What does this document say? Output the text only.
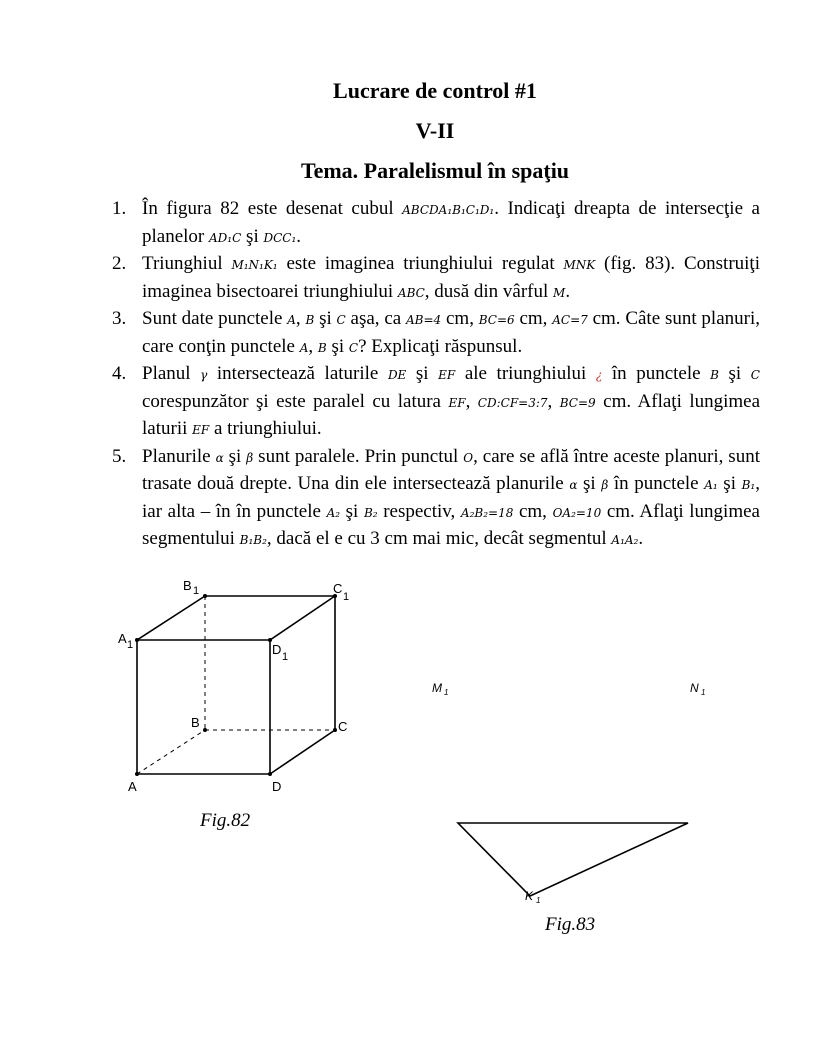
Lucrare de control #1
V-II
Tema. Paralelismul în spaţiu
1. În figura 82 este desenat cubul ABCDA₁B₁C₁D₁. Indicaţi dreapta de intersecţie a planelor AD₁C şi DCC₁.
2. Triunghiul M₁N₁K₁ este imaginea triunghiului regulat MNK (fig. 83). Construiţi imaginea bisectoarei triunghiului ABC, dusă din vârful M.
3. Sunt date punctele A, B şi C aşa, ca AB=4 cm, BC=6 cm, AC=7 cm. Câte sunt planuri, care conţin punctele A, B şi C? Explicaţi răspunsul.
4. Planul γ intersectează laturile DE şi EF ale triunghiului ¿ în punctele B şi C corespunzător şi este paralel cu latura EF, CD:CF=3:7, BC=9 cm. Aflaţi lungimea laturii EF a triunghiului.
5. Planurile α şi β sunt paralele. Prin punctul O, care se află între aceste planuri, sunt trasate două drepte. Una din ele intersectează planurile α şi β în punctele A₁ şi B₁, iar alta – în în punctele A₂ şi B₂ respectiv, A₂B₂=18 cm, OA₂=10 cm. Aflaţi lungimea segmentului B₁B₂, dacă el e cu 3 cm mai mic, decât segmentul A₁A₂.
A
B	C
D
A 1
B 1	C
1
D 1
Fig.82
M 1	N 1
K 1
Fig.83
